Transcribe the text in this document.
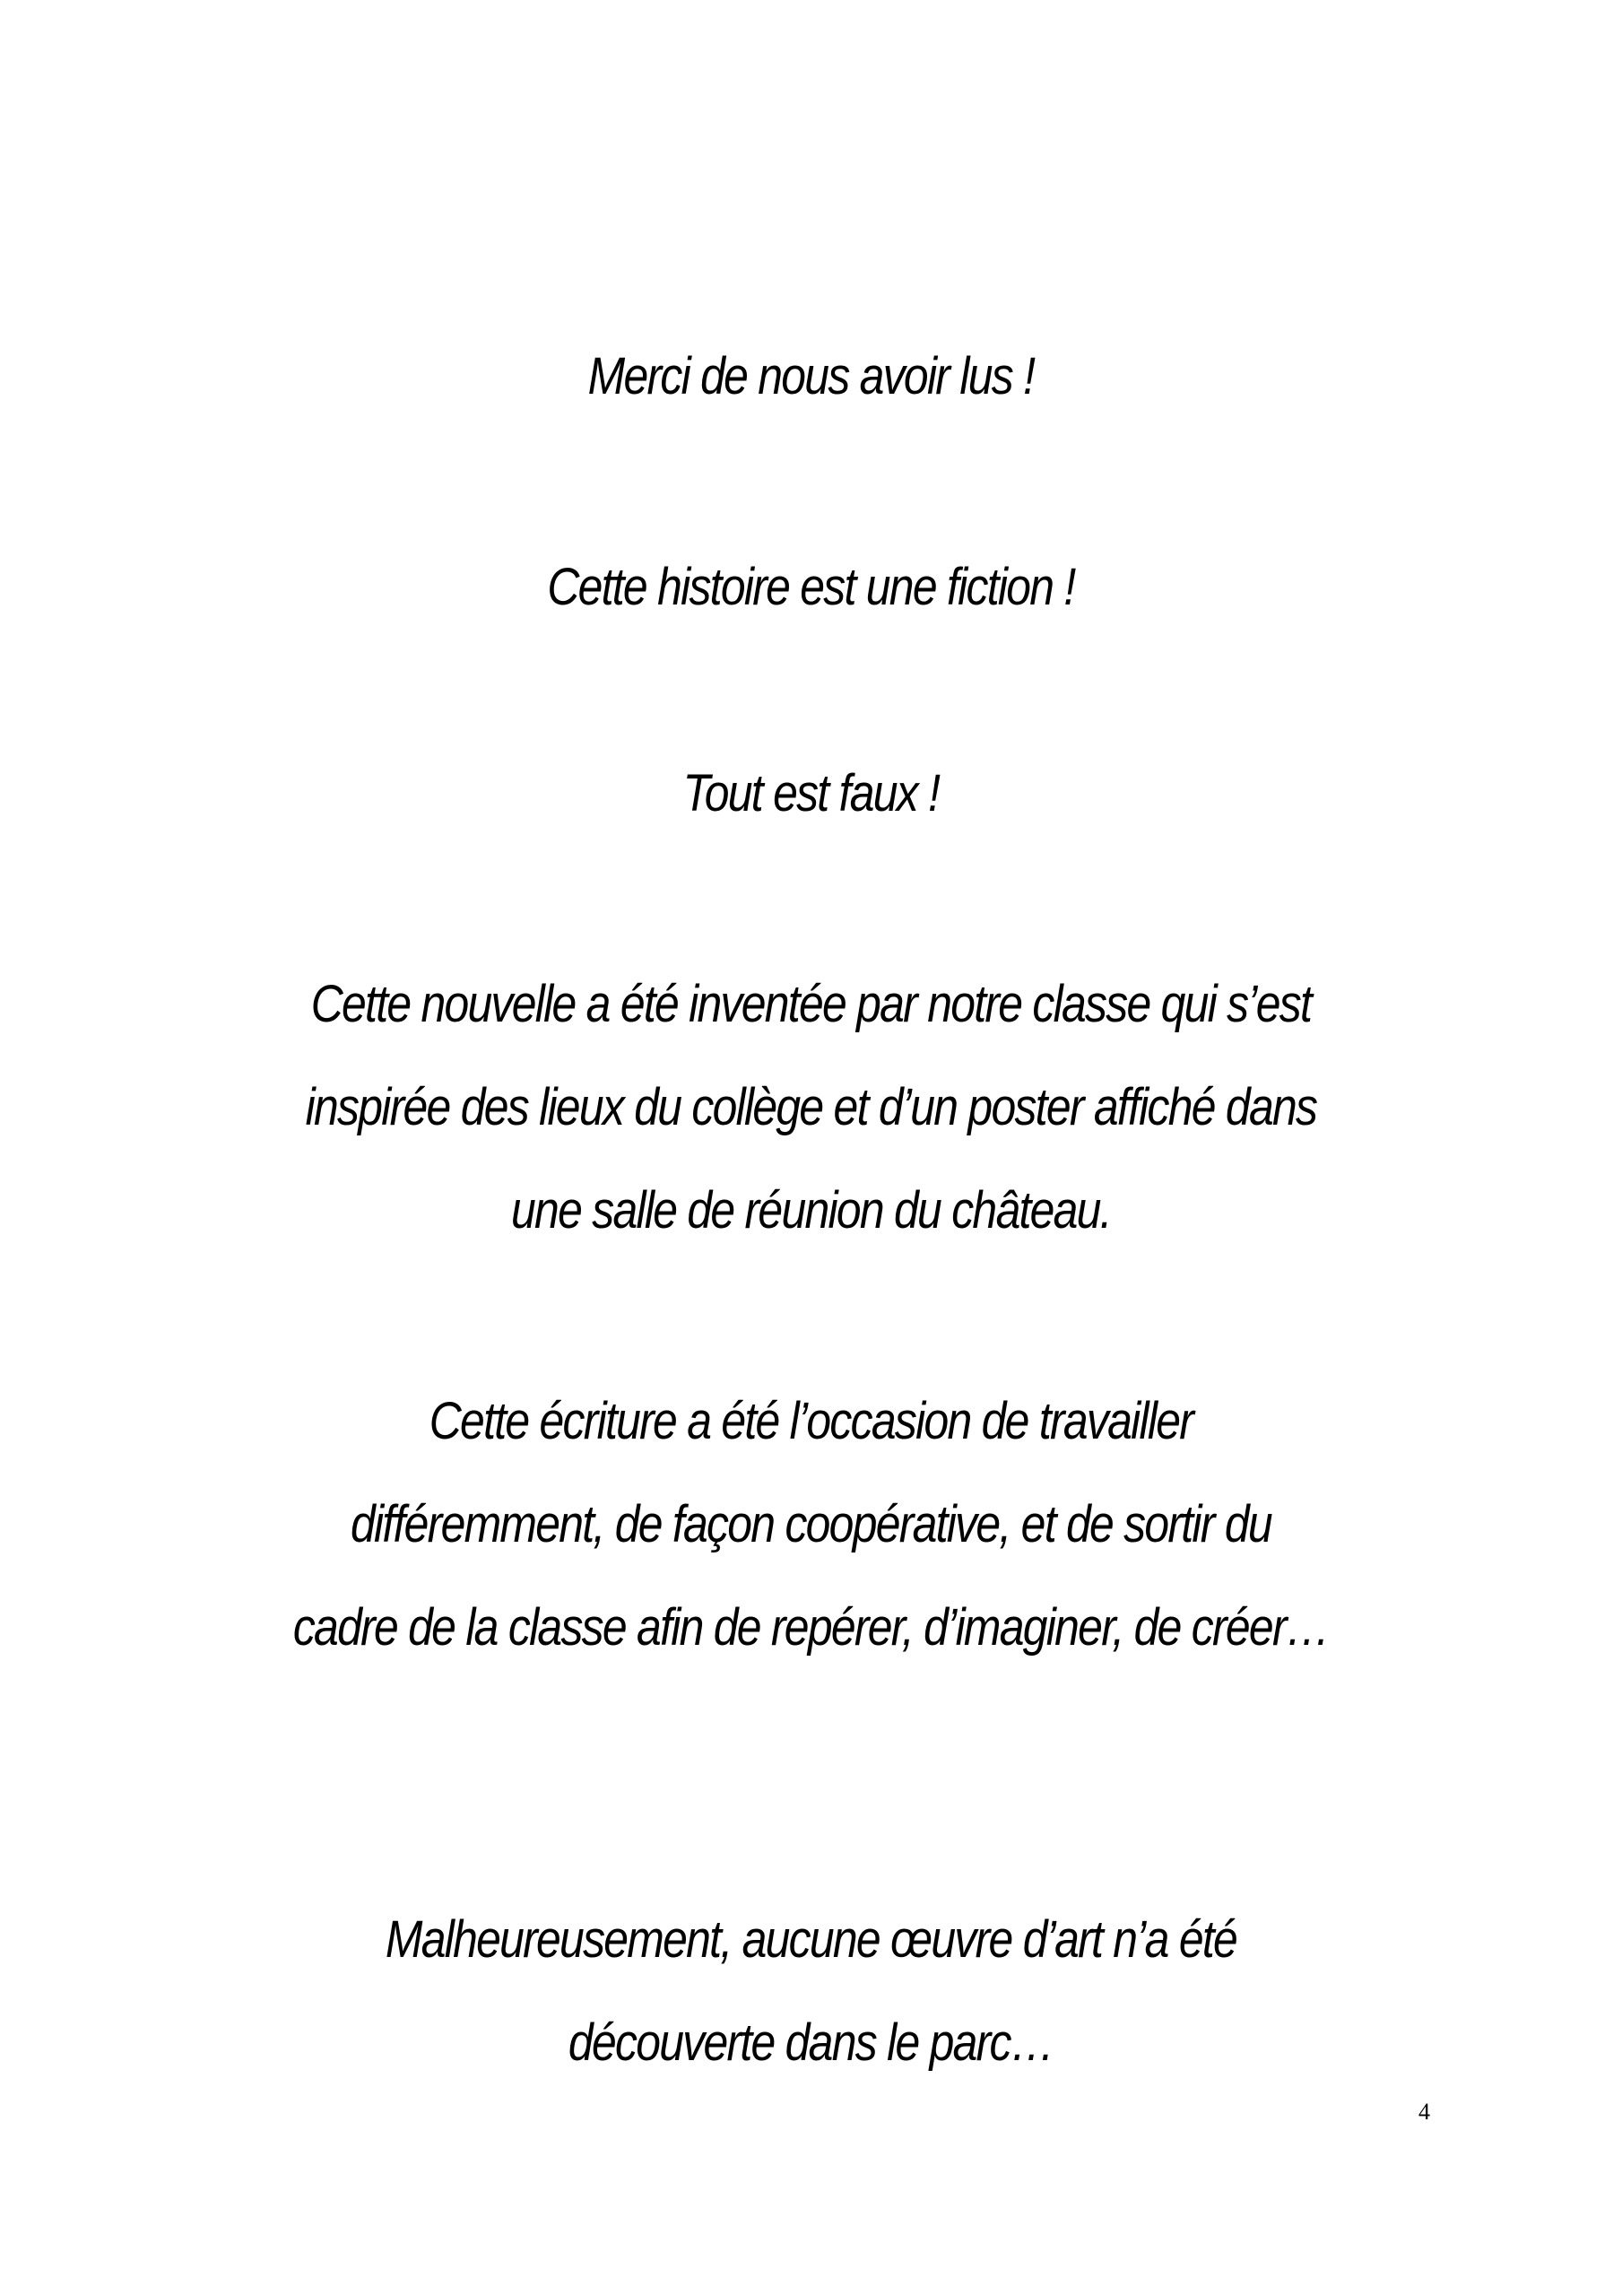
Merci de nous avoir lus !
Cette histoire est une fiction !
Tout est faux !
Cette nouvelle a été inventée par notre classe qui s’est
inspirée des lieux du collège et d’un poster affiché dans
une salle de réunion du château.
Cette écriture a été l’occasion de travailler
différemment, de façon coopérative, et de sortir du
cadre de la classe afin de repérer, d’imaginer, de créer…
Malheureusement, aucune œuvre d’art n’a été
découverte dans le parc…
4
